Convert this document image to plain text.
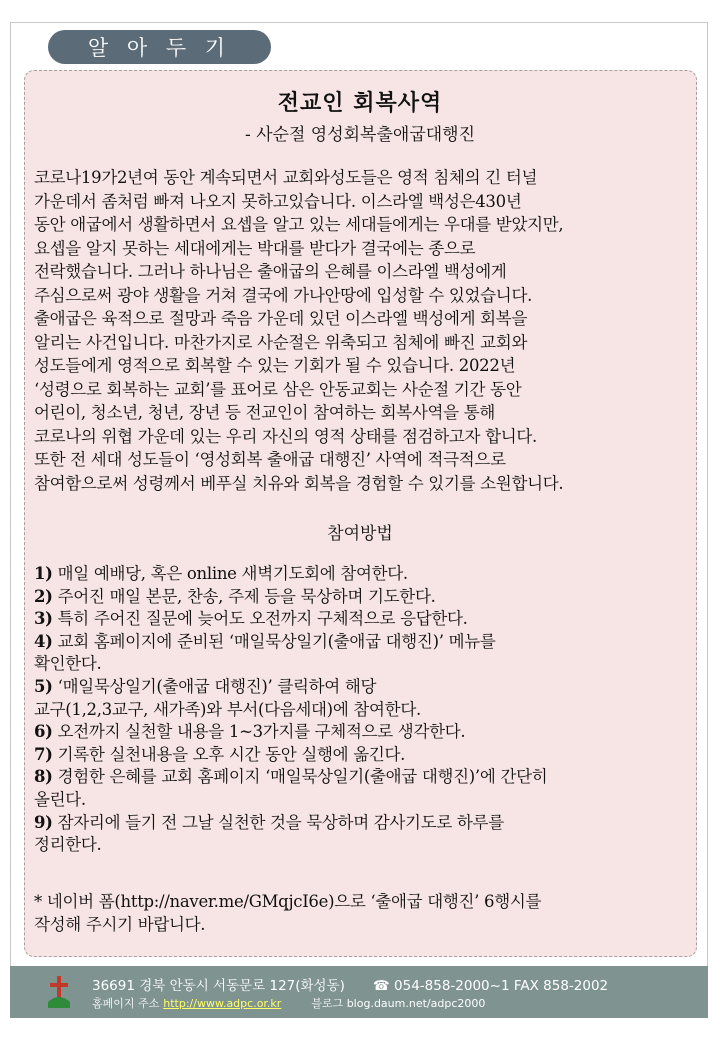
알 아 두 기
전교인 회복사역
- 사순절 영성회복출애굽대행진
코로나19가2년여 동안 계속되면서 교회와성도들은 영적 침체의 긴 터널
가운데서 좀처럼 빠져 나오지 못하고있습니다. 이스라엘 백성은430년
동안 애굽에서 생활하면서 요셉을 알고 있는 세대들에게는 우대를 받았지만,
요셉을 알지 못하는 세대에게는 박대를 받다가 결국에는 종으로
전락했습니다. 그러나 하나님은 출애굽의 은혜를 이스라엘 백성에게
주심으로써 광야 생활을 거쳐 결국에 가나안땅에 입성할 수 있었습니다.
출애굽은 육적으로 절망과 죽음 가운데 있던 이스라엘 백성에게 회복을
알리는 사건입니다. 마찬가지로 사순절은 위축되고 침체에 빠진 교회와
성도들에게 영적으로 회복할 수 있는 기회가 될 수 있습니다. 2022년
‘성령으로 회복하는 교회’를 표어로 삼은 안동교회는 사순절 기간 동안
어린이, 청소년, 청년, 장년 등 전교인이 참여하는 회복사역을 통해
코로나의 위협 가운데 있는 우리 자신의 영적 상태를 점검하고자 합니다.
또한 전 세대 성도들이 ‘영성회복 출애굽 대행진’ 사역에 적극적으로
참여함으로써 성령께서 베푸실 치유와 회복을 경험할 수 있기를 소원합니다.
참여방법
1) 매일 예배당, 혹은 online 새벽기도회에 참여한다.
2) 주어진 매일 본문, 찬송, 주제 등을 묵상하며 기도한다.
3) 특히 주어진 질문에 늦어도 오전까지 구체적으로 응답한다.
4) 교회 홈페이지에 준비된 ‘매일묵상일기(출애굽 대행진)’ 메뉴를
확인한다.
5) ‘매일묵상일기(출애굽 대행진)’ 클릭하여 해당
교구(1,2,3교구, 새가족)와 부서(다음세대)에 참여한다.
6) 오전까지 실천할 내용을 1~3가지를 구체적으로 생각한다.
7) 기록한 실천내용을 오후 시간 동안 실행에 옮긴다.
8) 경험한 은혜를 교회 홈페이지 ‘매일묵상일기(출애굽 대행진)’에 간단히
올린다.
9) 잠자리에 들기 전 그날 실천한 것을 묵상하며 감사기도로 하루를
정리한다.
* 네이버 폼(http://naver.me/GMqjcI6e)으로 ‘출애굽 대행진’ 6행시를
작성해 주시기 바랍니다.
36691 경북 안동시 서동문로 127(화성동) ☎ 054-858-2000~1 FAX 858-2002
홈페이지 주소 http://www.adpc.or.kr	블로그 blog.daum.net/adpc2000
